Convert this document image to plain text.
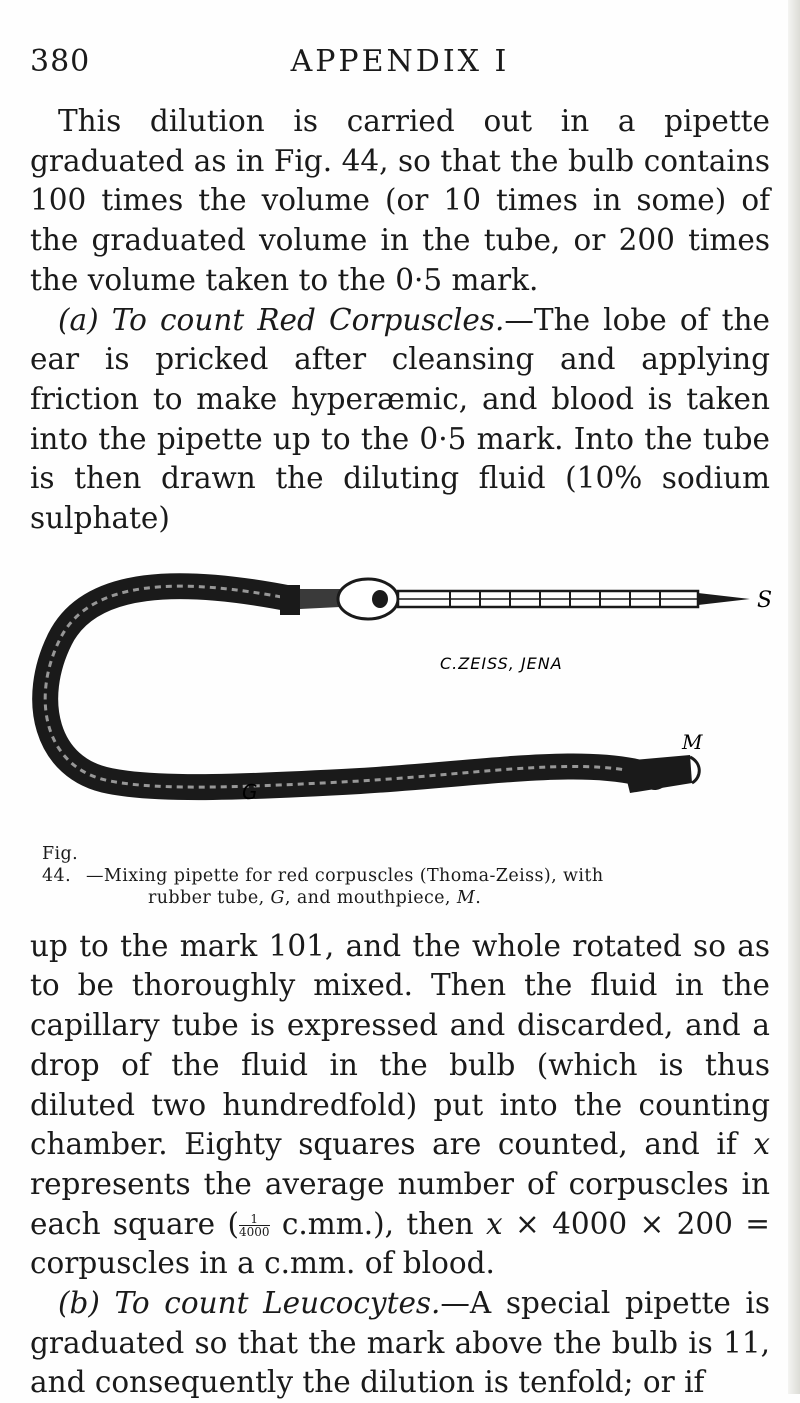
380	APPENDIX I

This dilution is carried out in a pipette graduated as in Fig. 44, so that the bulb contains 100 times the volume (or 10 times in some) of the graduated volume in the tube, or 200 times the volume taken to the 0·5 mark.

(a) To count Red Corpuscles.—The lobe of the ear is pricked after cleansing and applying friction to make hyperæmic, and blood is taken into the pipette up to the 0·5 mark. Into the tube is then drawn the diluting fluid (10% sodium sulphate)

S
E
G
M
C.ZEISS, JENA
Fig. 44. —Mixing pipette for red corpuscles (Thoma-Zeiss), with
rubber tube, G, and mouthpiece, M.

up to the mark 101, and the whole rotated so as to be thoroughly mixed. Then the fluid in the capillary tube is expressed and discarded, and a drop of the fluid in the bulb (which is thus diluted two hundredfold) put into the counting chamber. Eighty squares are counted, and if x represents the average number of corpuscles in each square ( $\frac{1}{4000} c.mm$.), then x × 4000 × 200 = corpuscles in a c.mm. of blood.

(b) To count Leucocytes.—A special pipette is graduated so that the mark above the bulb is 11, and consequently the dilution is tenfold; or if
